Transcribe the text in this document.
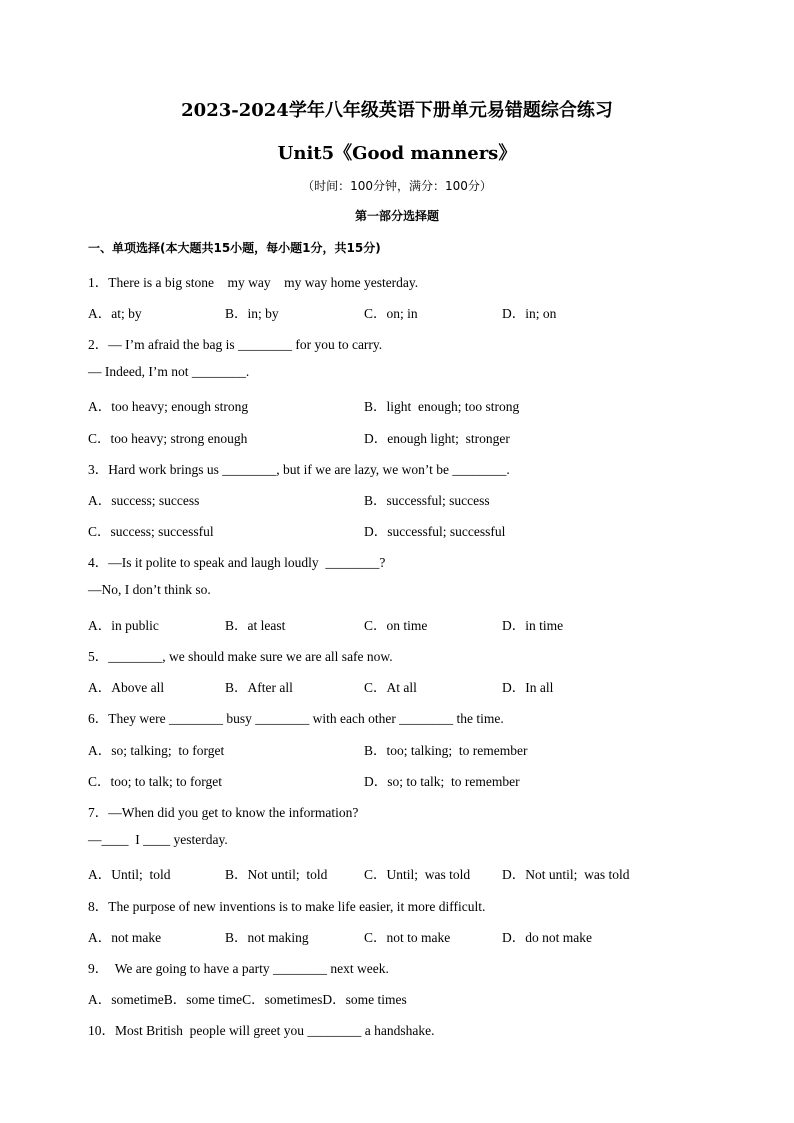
2023-2024学年八年级英语下册单元易错题综合练习
Unit5《Good manners》
（时间：100分钟，满分：100分）
第一部分选择题
一、单项选择(本大题共15小题，每小题1分，共15分)
1．There is a big stone    my way    my way home yesterday.
A．at; by	B．in; by	C．on; in	D．in; on
2．— I’m afraid the bag is ________ for you to carry.
— Indeed, I’m not ________.
A．too heavy; enough strong	B．light  enough; too strong
C．too heavy; strong enough	D．enough light;  stronger
3．Hard work brings us ________, but if we are lazy, we won’t be ________.
A．success; success	B．successful; success
C．success; successful	D．successful; successful
4．—Is it polite to speak and laugh loudly  ________?
—No, I don’t think so.
A．in public	B．at least	C．on time	D．in time
5．________, we should make sure we are all safe now.
A．Above all	B．After all	C．At all	D．In all
6．They were ________ busy ________ with each other ________ the time.
A．so; talking;  to forget	B．too; talking;  to remember
C．too; to talk; to forget	D．so; to talk;  to remember
7．—When did you get to know the information?
—____  I ____ yesterday.
A．Until;  told	B．Not until;  told	C．Until;  was told D．Not until;  was told
8．The purpose of new inventions is to make life easier, it more difficult.
A．not make	B．not making	C．not to make	D．do not make
9．  We are going to have a party ________ next week.
A．sometimeB．some timeC．sometimesD．some times
10．Most British  people will greet you ________ a handshake.
